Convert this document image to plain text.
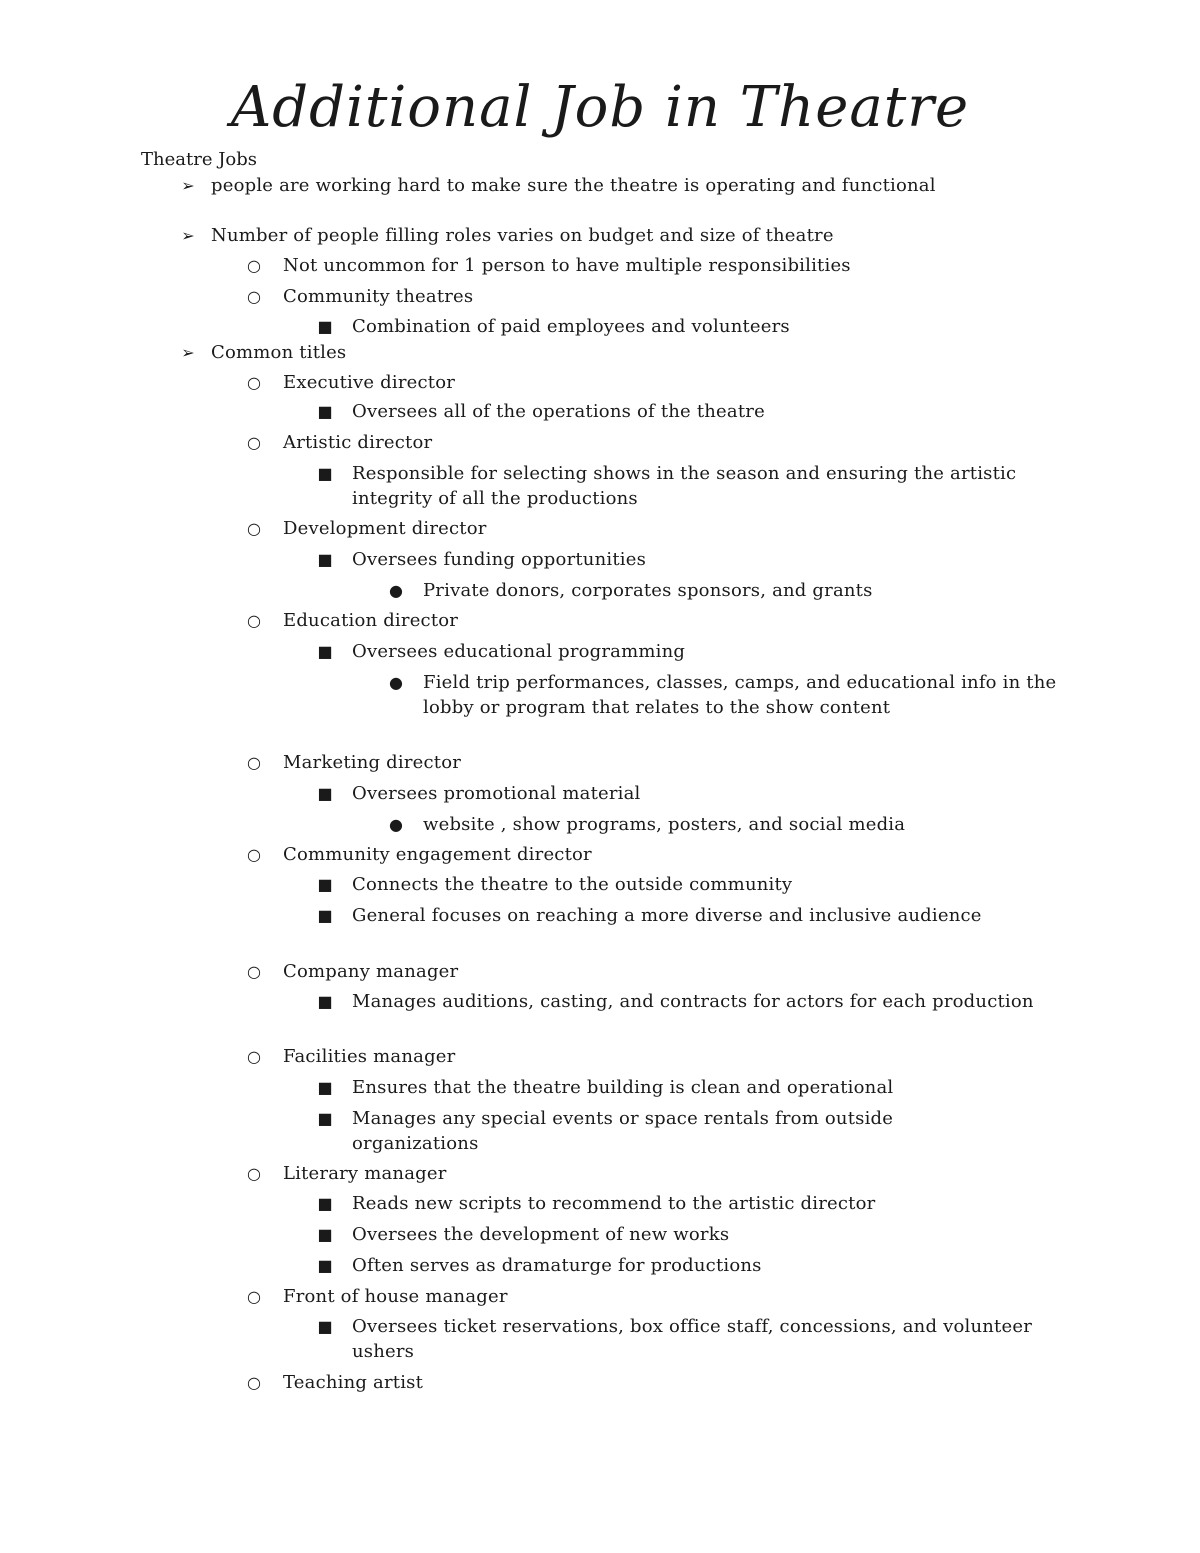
Additional Job in Theatre
Theatre Jobs
➢ people are working hard to make sure the theatre is operating and functional
➢ Number of people filling roles varies on budget and size of theatre
○ Not uncommon for 1 person to have multiple responsibilities
○ Community theatres
■ Combination of paid employees and volunteers
➢ Common titles
○ Executive director
■ Oversees all of the operations of the theatre
○ Artistic director
■ Responsible for selecting shows in the season and ensuring the artistic integrity of all the productions
○ Development director
■ Oversees funding opportunities
● Private donors, corporates sponsors, and grants
○ Education director
■ Oversees educational programming
● Field trip performances, classes, camps, and educational info in the lobby or program that relates to the show content
○ Marketing director
■ Oversees promotional material
● website , show programs, posters, and social media
○ Community engagement director
■ Connects the theatre to the outside community
■ General focuses on reaching a more diverse and inclusive audience
○ Company manager
■ Manages auditions, casting, and contracts for actors for each production
○ Facilities manager
■ Ensures that the theatre building is clean and operational
■ Manages any special events or space rentals from outside organizations
○ Literary manager
■ Reads new scripts to recommend to the artistic director
■ Oversees the development of new works
■ Often serves as dramaturge for productions
○ Front of house manager
■ Oversees ticket reservations, box office staff, concessions, and volunteer ushers
○ Teaching artist
